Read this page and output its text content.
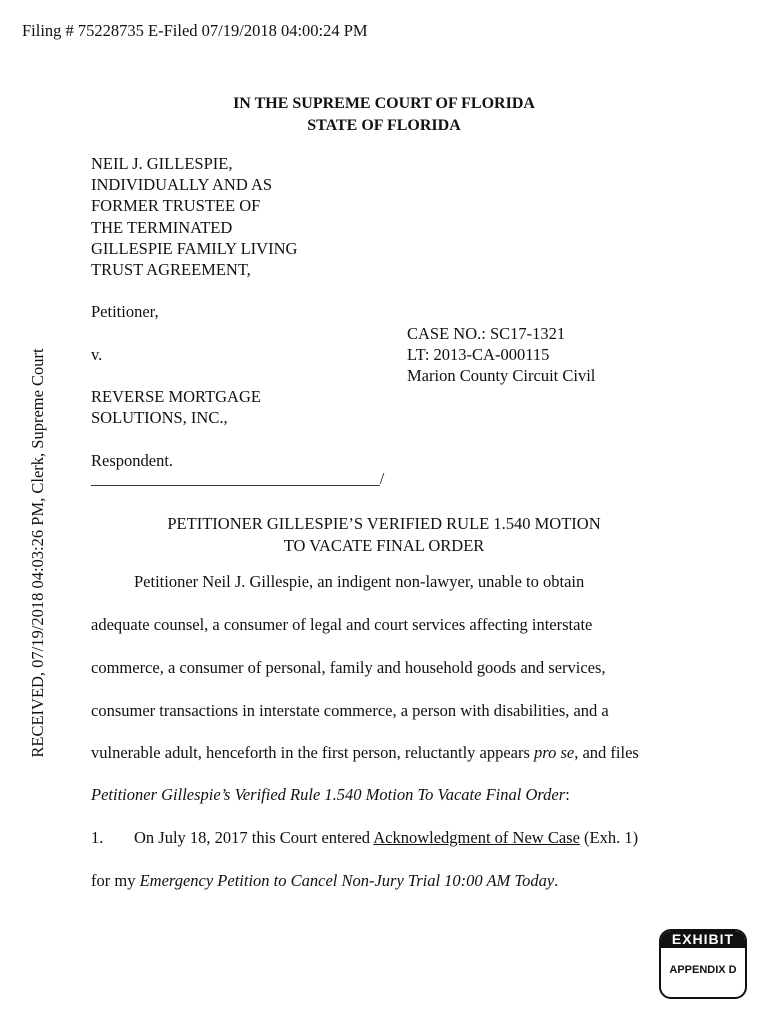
Filing # 75228735 E-Filed 07/19/2018 04:00:24 PM
RECEIVED, 07/19/2018 04:03:26 PM, Clerk, Supreme Court
IN THE SUPREME COURT OF FLORIDA
STATE OF FLORIDA
NEIL J. GILLESPIE,
INDIVIDUALLY AND AS
FORMER TRUSTEE OF
THE TERMINATED
GILLESPIE FAMILY LIVING
TRUST AGREEMENT,
Petitioner,
CASE NO.: SC17-1321
LT: 2013-CA-000115
Marion County Circuit Civil
v.
REVERSE MORTGAGE
SOLUTIONS, INC.,
Respondent.
___________________________________/
PETITIONER GILLESPIE’S VERIFIED RULE 1.540 MOTION
TO VACATE FINAL ORDER
Petitioner Neil J. Gillespie, an indigent non-lawyer, unable to obtain
adequate counsel, a consumer of legal and court services affecting interstate
commerce, a consumer of personal, family and household goods and services,
consumer transactions in interstate commerce, a person with disabilities, and a
vulnerable adult, henceforth in the first person, reluctantly appears pro se, and files
Petitioner Gillespie’s Verified Rule 1.540 Motion To Vacate Final Order:
1. On July 18, 2017 this Court entered Acknowledgment of New Case (Exh. 1)
for my Emergency Petition to Cancel Non-Jury Trial 10:00 AM Today.
EXHIBIT
APPENDIX D
